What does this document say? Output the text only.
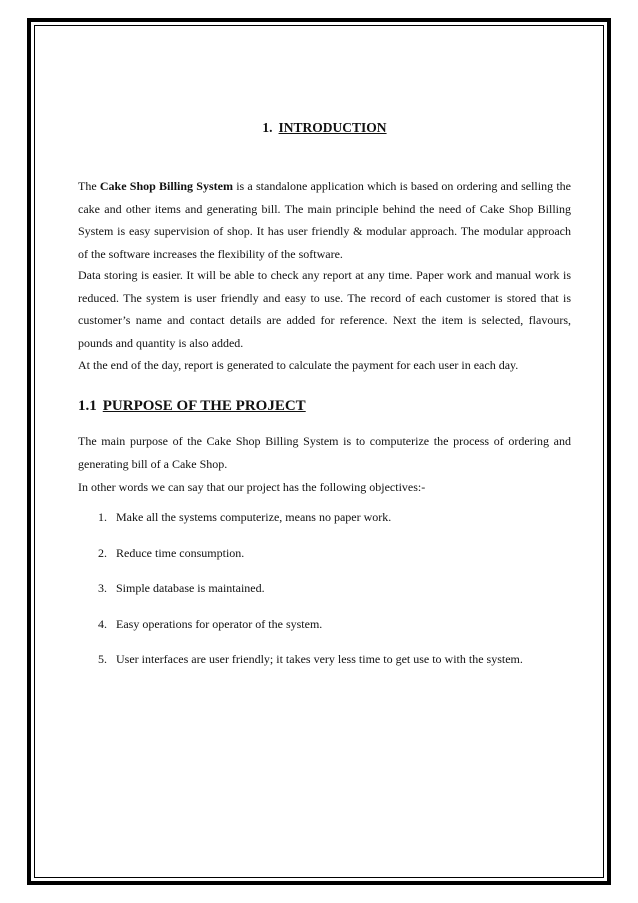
1. INTRODUCTION

The Cake Shop Billing System is a standalone application which is based on ordering and selling the cake and other items and generating bill. The main principle behind the need of Cake Shop Billing System is easy supervision of shop. It has user friendly & modular approach. The modular approach of the software increases the flexibility of the software.

Data storing is easier. It will be able to check any report at any time. Paper work and manual work is reduced. The system is user friendly and easy to use. The record of each customer is stored that is customer’s name and contact details are added for reference. Next the item is selected, flavours, pounds and quantity is also added.

At the end of the day, report is generated to calculate the payment for each user in each day.

1.1 PURPOSE OF THE PROJECT

The main purpose of the Cake Shop Billing System is to computerize the process of ordering and generating bill of a Cake Shop.

In other words we can say that our project has the following objectives:-

1. Make all the systems computerize, means no paper work.
2. Reduce time consumption.
3. Simple database is maintained.
4. Easy operations for operator of the system.
5. User interfaces are user friendly; it takes very less time to get use to with the system.
